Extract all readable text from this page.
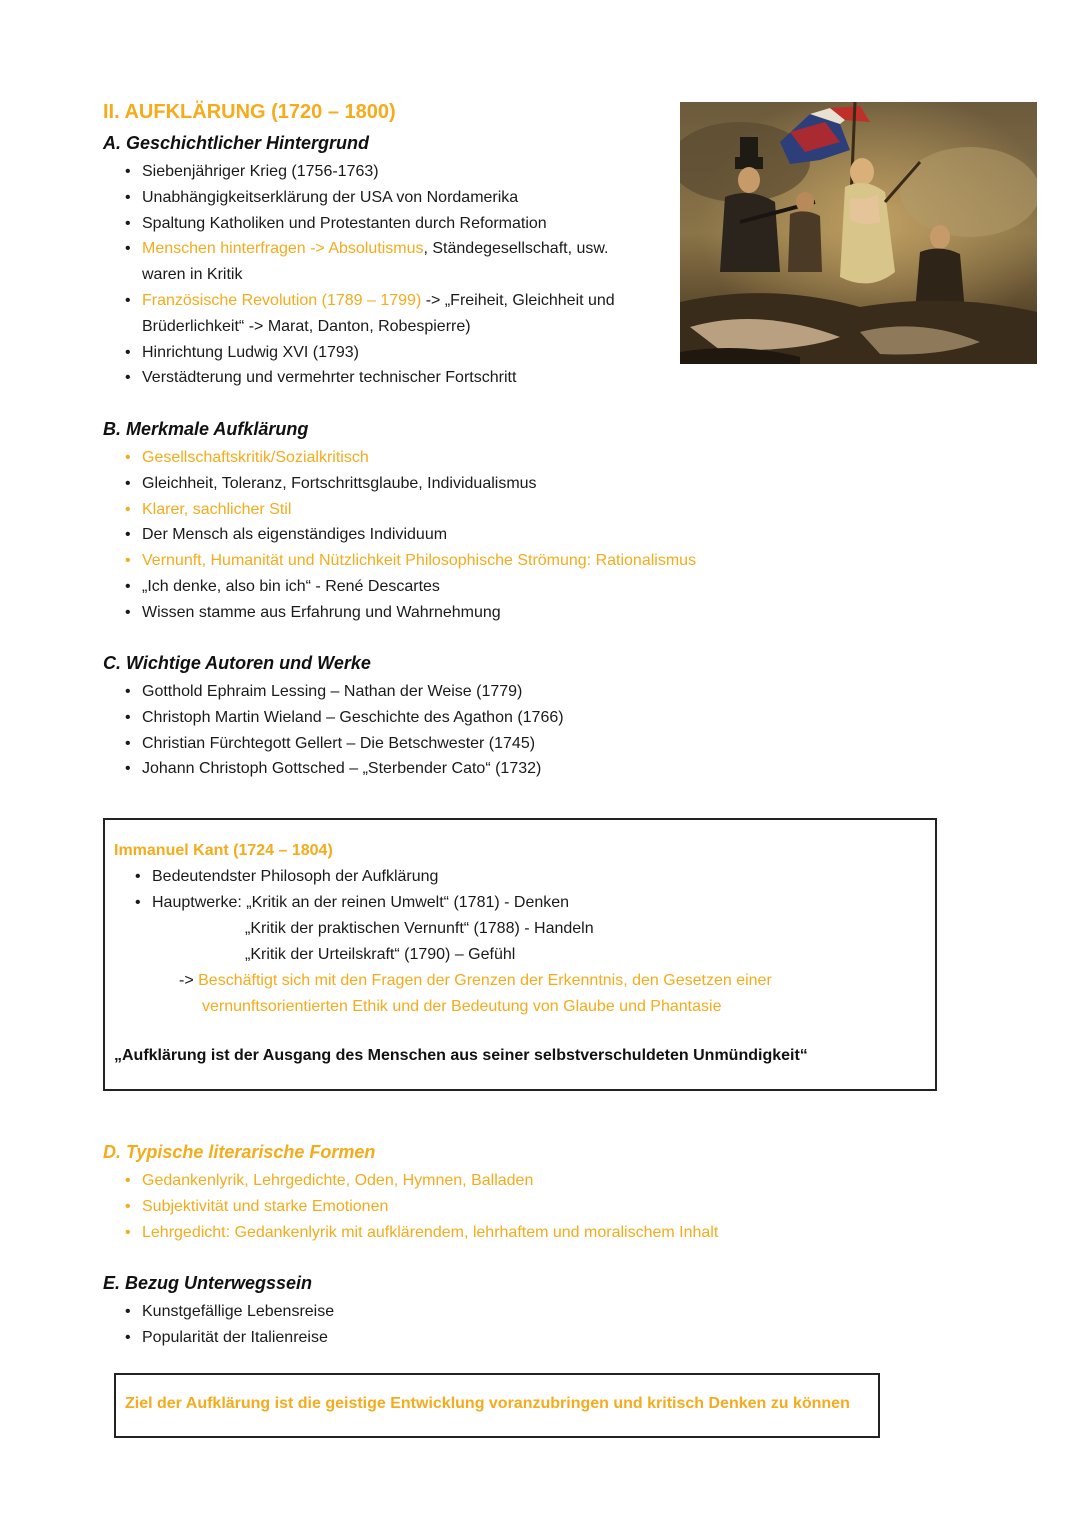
II. AUFKLÄRUNG (1720 – 1800)
A. Geschichtlicher Hintergrund
• Siebenjähriger Krieg (1756-1763)
• Unabhängigkeitserklärung der USA von Nordamerika
• Spaltung Katholiken und Protestanten durch Reformation
• Menschen hinterfragen -> Absolutismus, Ständegesellschaft, usw.
waren in Kritik
• Französische Revolution (1789 – 1799) -> „Freiheit, Gleichheit und
Brüderlichkeit“ -> Marat, Danton, Robespierre)
• Hinrichtung Ludwig XVI (1793)
• Verstädterung und vermehrter technischer Fortschritt
B. Merkmale Aufklärung
• Gesellschaftskritik/Sozialkritisch
• Gleichheit, Toleranz, Fortschrittsglaube, Individualismus
• Klarer, sachlicher Stil
• Der Mensch als eigenständiges Individuum
• Vernunft, Humanität und Nützlichkeit Philosophische Strömung: Rationalismus
• „Ich denke, also bin ich“ - René Descartes
• Wissen stamme aus Erfahrung und Wahrnehmung
C. Wichtige Autoren und Werke
• Gotthold Ephraim Lessing – Nathan der Weise (1779)
• Christoph Martin Wieland – Geschichte des Agathon (1766)
• Christian Fürchtegott Gellert – Die Betschwester (1745)
• Johann Christoph Gottsched – „Sterbender Cato“ (1732)

Immanuel Kant (1724 – 1804)

• Bedeutendster Philosoph der Aufklärung
• Hauptwerke: „Kritik an der reinen Umwelt“ (1781) - Denken
„Kritik der praktischen Vernunft“ (1788) - Handeln
„Kritik der Urteilskraft“ (1790) – Gefühl
-> Beschäftigt sich mit den Fragen der Grenzen der Erkenntnis, den Gesetzen einer
vernunftsorientierten Ethik und der Bedeutung von Glaube und Phantasie

„Aufklärung ist der Ausgang des Menschen aus seiner selbstverschuldeten Unmündigkeit“

D. Typische literarische Formen
• Gedankenlyrik, Lehrgedichte, Oden, Hymnen, Balladen
• Subjektivität und starke Emotionen
• Lehrgedicht: Gedankenlyrik mit aufklärendem, lehrhaftem und moralischem Inhalt
E. Bezug Unterwegssein
• Kunstgefällige Lebensreise
• Popularität der Italienreise

Ziel der Aufklärung ist die geistige Entwicklung voranzubringen und kritisch Denken zu können
